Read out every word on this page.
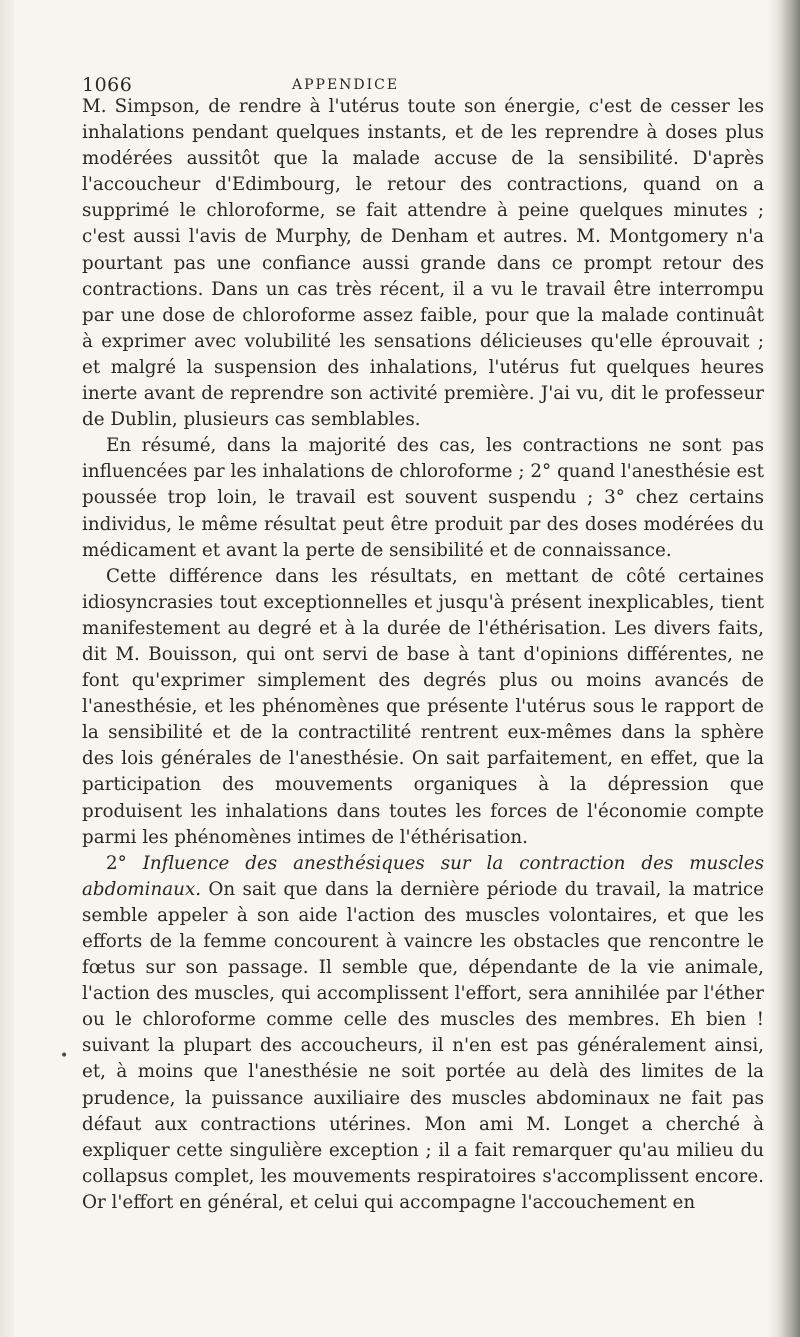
1066	APPENDICE

M. Simpson, de rendre à l'utérus toute son énergie, c'est de cesser les inhalations pendant quelques instants, et de les reprendre à doses plus modérées aussitôt que la malade accuse de la sensibilité. D'après l'accoucheur d'Edimbourg, le retour des contractions, quand on a supprimé le chloroforme, se fait attendre à peine quelques minutes ; c'est aussi l'avis de Murphy, de Denham et autres. M. Montgomery n'a pourtant pas une confiance aussi grande dans ce prompt retour des contractions. Dans un cas très récent, il a vu le travail être interrompu par une dose de chloroforme assez faible, pour que la malade continuât à exprimer avec volubilité les sensations délicieuses qu'elle éprouvait ; et malgré la suspension des inhalations, l'utérus fut quelques heures inerte avant de reprendre son activité première. J'ai vu, dit le professeur de Dublin, plusieurs cas semblables.

En résumé, dans la majorité des cas, les contractions ne sont pas influencées par les inhalations de chloroforme ; 2° quand l'anesthésie est poussée trop loin, le travail est souvent suspendu ; 3° chez certains individus, le même résultat peut être produit par des doses modérées du médicament et avant la perte de sensibilité et de connaissance.

Cette différence dans les résultats, en mettant de côté certaines idiosyncrasies tout exceptionnelles et jusqu'à présent inexplicables, tient manifestement au degré et à la durée de l'éthérisation. Les divers faits, dit M. Bouisson, qui ont servi de base à tant d'opinions différentes, ne font qu'exprimer simplement des degrés plus ou moins avancés de l'anesthésie, et les phénomènes que présente l'utérus sous le rapport de la sensibilité et de la contractilité rentrent eux-mêmes dans la sphère des lois générales de l'anesthésie. On sait parfaitement, en effet, que la participation des mouvements organiques à la dépression que produisent les inhalations dans toutes les forces de l'économie compte parmi les phénomènes intimes de l'éthérisation.

2° Influence des anesthésiques sur la contraction des muscles abdominaux. On sait que dans la dernière période du travail, la matrice semble appeler à son aide l'action des muscles volontaires, et que les efforts de la femme concourent à vaincre les obstacles que rencontre le fœtus sur son passage. Il semble que, dépendante de la vie animale, l'action des muscles, qui accomplissent l'effort, sera annihilée par l'éther ou le chloroforme comme celle des muscles des membres. Eh bien ! suivant la plupart des accoucheurs, il n'en est pas généralement ainsi, et, à moins que l'anesthésie ne soit portée au delà des limites de la prudence, la puissance auxiliaire des muscles abdominaux ne fait pas défaut aux contractions utérines. Mon ami M. Longet a cherché à expliquer cette singulière exception ; il a fait remarquer qu'au milieu du collapsus complet, les mouvements respiratoires s'accomplissent encore. Or l'effort en général, et celui qui accompagne l'accouchement en

•
